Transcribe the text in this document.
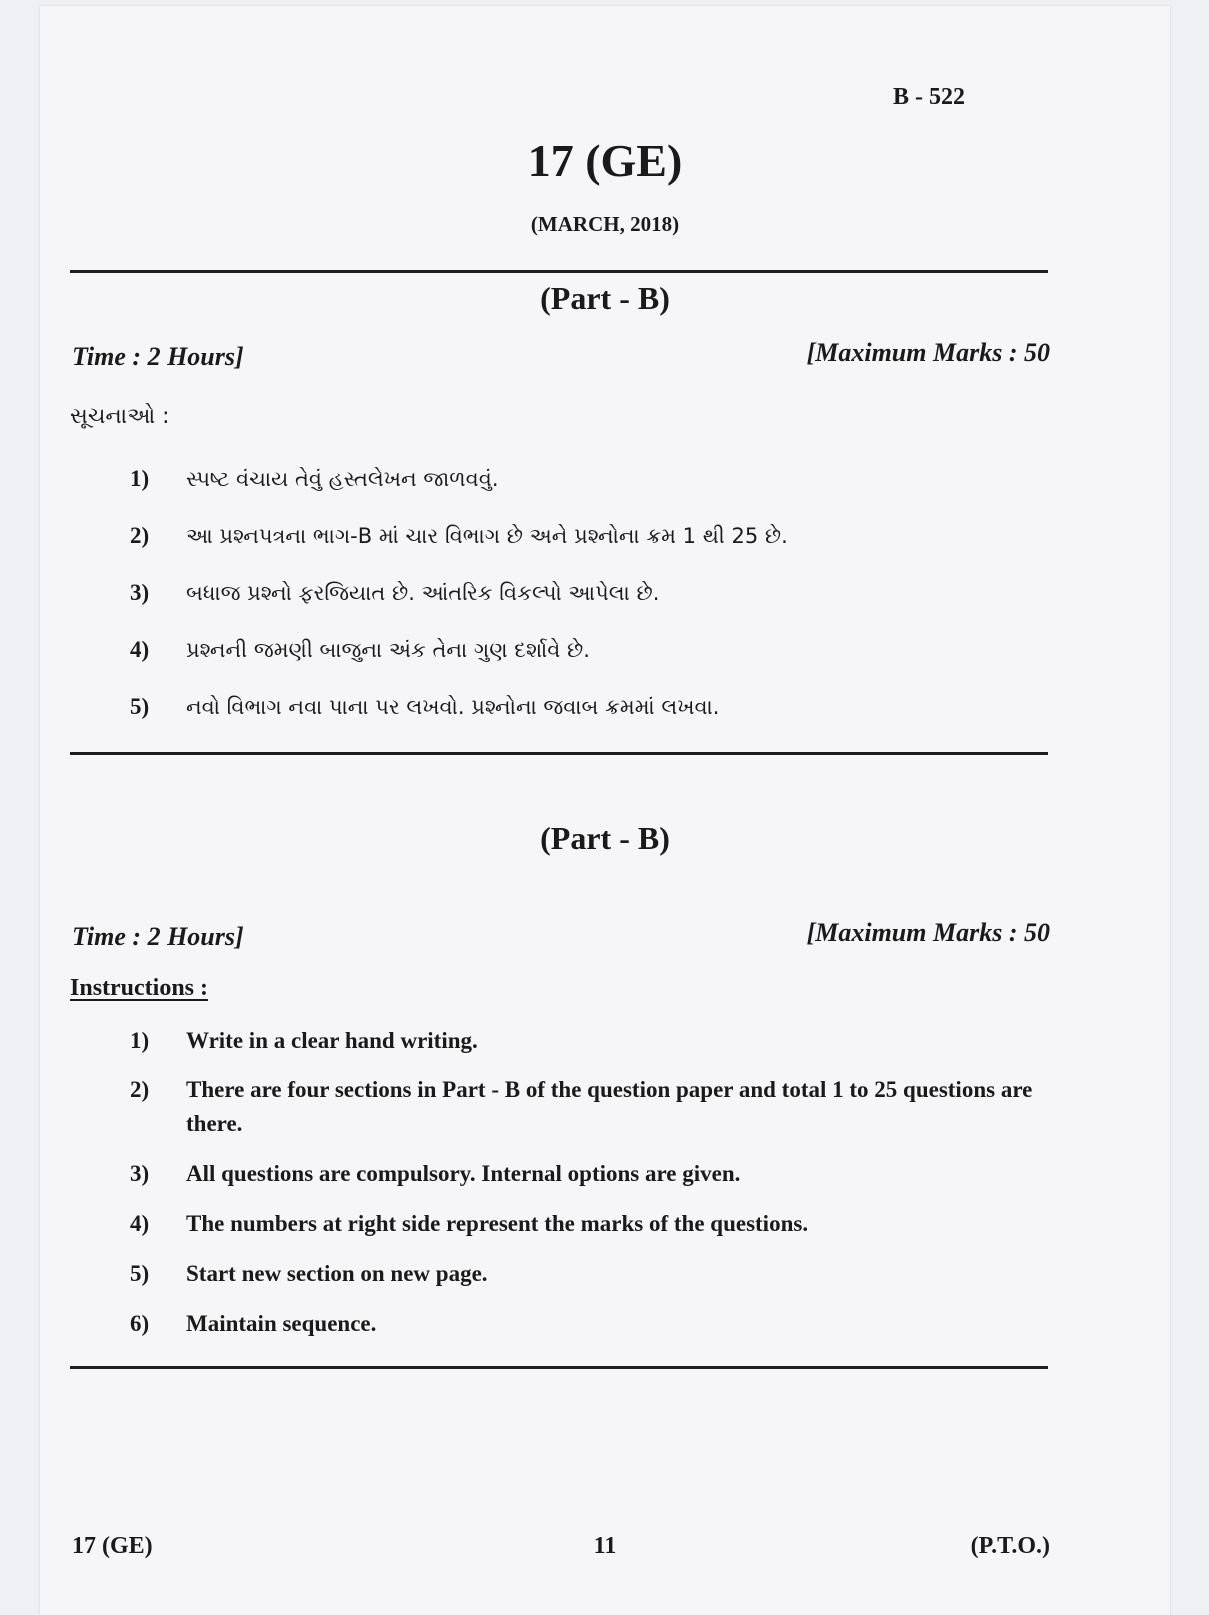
B - 522
17 (GE)
(MARCH, 2018)
(Part - B)
Time : 2 Hours]	[Maximum Marks : 50
સૂચનાઓ :
1)	સ્પષ્ટ વંચાય તેવું હસ્તલેખન જાળવવું.
2)	આ પ્રશ્નપત્રના ભાગ-B માં ચાર વિભાગ છે અને પ્રશ્નોના ક્રમ 1 થી 25 છે.
3)	બધાજ પ્રશ્નો ફરજિયાત છે. આંતરિક વિકલ્પો આપેલા છે.
4)	પ્રશ્નની જમણી બાજુના અંક તેના ગુણ દર્શાવે છે.
5)	નવો વિભાગ નવા પાના પર લખવો. પ્રશ્નોના જવાબ ક્રમમાં લખવા.
(Part - B)
Time : 2 Hours]	[Maximum Marks : 50
Instructions :
1)	Write in a clear hand writing.
2)	There are four sections in Part - B of the question paper and total 1 to 25 questions are there.
3)	All questions are compulsory. Internal options are given.
4)	The numbers at right side represent the marks of the questions.
5)	Start new section on new page.
6)	Maintain sequence.
17 (GE)	11	(P.T.O.)
